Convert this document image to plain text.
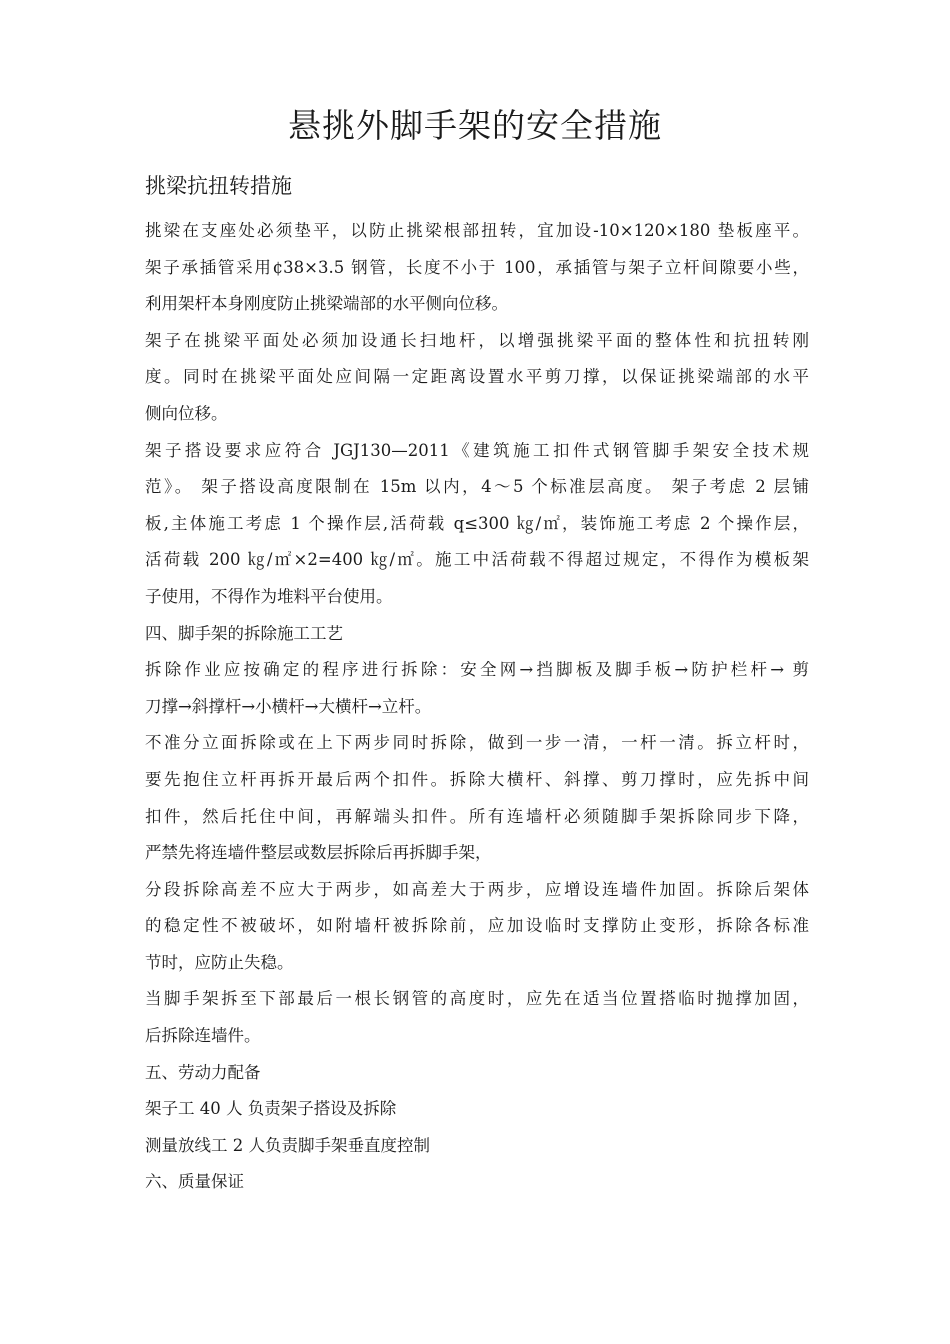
悬挑外脚手架的安全措施
挑梁抗扭转措施

挑梁在支座处必须垫平，以防止挑梁根部扭转，宜加设-10×120×180 垫板座平。
架子承插管采用¢38×3.5 钢管，长度不小于 100，承插管与架子立杆间隙要小些，
利用架杆本身刚度防止挑梁端部的水平侧向位移。

架子在挑梁平面处必须加设通长扫地杆，以增强挑梁平面的整体性和抗扭转刚
度。同时在挑梁平面处应间隔一定距离设置水平剪刀撑，以保证挑梁端部的水平
侧向位移。

架子搭设要求应符合 JGJ130—2011《建筑施工扣件式钢管脚手架安全技术规
范》。 架子搭设高度限制在 15m 以内，4～5 个标准层高度。 架子考虑 2 层铺
板,主体施工考虑 1 个操作层,活荷载 q≤300 ㎏/㎡，装饰施工考虑 2 个操作层，
活荷载 200 ㎏/㎡×2=400 ㎏/㎡。施工中活荷载不得超过规定，不得作为模板架
子使用，不得作为堆料平台使用。

四、脚手架的拆除施工工艺

拆除作业应按确定的程序进行拆除：安全网→挡脚板及脚手板→防护栏杆→ 剪
刀撑→斜撑杆→小横杆→大横杆→立杆。

不准分立面拆除或在上下两步同时拆除，做到一步一清，一杆一清。拆立杆时，
要先抱住立杆再拆开最后两个扣件。拆除大横杆、斜撑、剪刀撑时，应先拆中间
扣件，然后托住中间，再解端头扣件。所有连墙杆必须随脚手架拆除同步下降，
严禁先将连墙件整层或数层拆除后再拆脚手架，

分段拆除高差不应大于两步，如高差大于两步，应增设连墙件加固。拆除后架体
的稳定性不被破坏，如附墙杆被拆除前，应加设临时支撑防止变形，拆除各标准
节时，应防止失稳。

当脚手架拆至下部最后一根长钢管的高度时，应先在适当位置搭临时抛撑加固，
后拆除连墙件。

五、劳动力配备

架子工 40 人 负责架子搭设及拆除

测量放线工 2 人负责脚手架垂直度控制

六、质量保证
